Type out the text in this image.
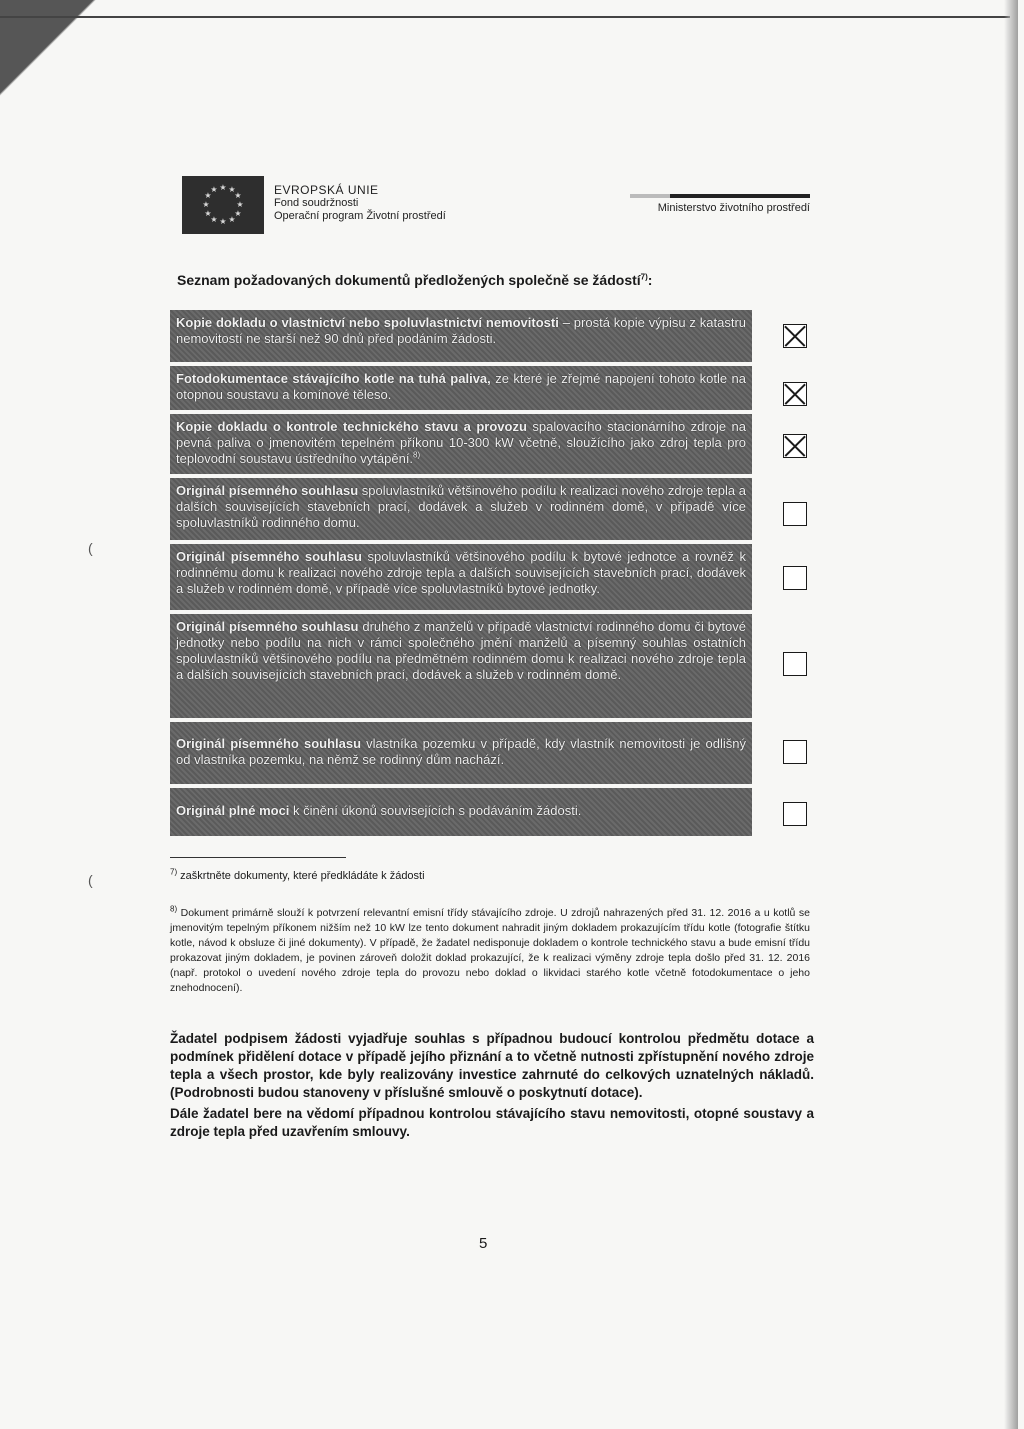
★ ★
★
★
★
★
★
★
★
★
★
★	EVROPSKÁ UNIE
Fond soudržnosti
Operační program Životní prostředí
Ministerstvo životního prostředí
Seznam požadovaných dokumentů předložených společně se žádostí$^{7)}$:
Kopie dokladu o vlastnictví nebo spoluvlastnictví nemovitosti – prostá kopie výpisu z katastru nemovitostí ne starší než 90 dnů před podáním žádosti.
Fotodokumentace stávajícího kotle na tuhá paliva, ze které je zřejmé napojení tohoto kotle na otopnou soustavu a komínové těleso.
Kopie dokladu o kontrole technického stavu a provozu spalovacího stacionárního zdroje na pevná paliva o jmenovitém tepelném příkonu 10-300 kW včetně, sloužícího jako zdroj tepla pro teplovodní soustavu ústředního vytápění.$^{8)}$
Originál písemného souhlasu spoluvlastníků většinového podílu k realizaci nového zdroje tepla a dalších souvisejících stavebních prací, dodávek a služeb v rodinném domě, v případě více spoluvlastníků rodinného domu.
Originál písemného souhlasu spoluvlastníků většinového podílu k bytové jednotce a rovněž k rodinnému domu k realizaci nového zdroje tepla a dalších souvisejících stavebních prací, dodávek a služeb v rodinném domě, v případě více spoluvlastníků bytové jednotky.
Originál písemného souhlasu druhého z manželů v případě vlastnictví rodinného domu či bytové jednotky nebo podílu na nich v rámci společného jmění manželů a písemný souhlas ostatních spoluvlastníků většinového podílu na předmětném rodinném domu k realizaci nového zdroje tepla a dalších souvisejících stavebních prací, dodávek a služeb v rodinném domě.
Originál písemného souhlasu vlastníka pozemku v případě, kdy vlastník nemovitosti je odlišný od vlastníka pozemku, na němž se rodinný dům nachází.
Originál plné moci k činění úkonů souvisejících s podáváním žádosti.
(
(
$^{7)}$ zaškrtněte dokumenty, které předkládáte k žádosti
$^{8)}$ Dokument primárně slouží k potvrzení relevantní emisní třídy stávajícího zdroje. U zdrojů nahrazených před 31. 12. 2016 a u kotlů se jmenovitým tepelným příkonem nižším než 10 kW lze tento dokument nahradit jiným dokladem prokazujícím třídu kotle (fotografie štítku kotle, návod k obsluze či jiné dokumenty). V případě, že žadatel nedisponuje dokladem o kontrole technického stavu a bude emisní třídu prokazovat jiným dokladem, je povinen zároveň doložit doklad prokazující, že k realizaci výměny zdroje tepla došlo před 31. 12. 2016 (např. protokol o uvedení nového zdroje tepla do provozu nebo doklad o likvidaci starého kotle včetně fotodokumentace o jeho znehodnocení).

Žadatel podpisem žádosti vyjadřuje souhlas s případnou budoucí kontrolou předmětu dotace a podmínek přidělení dotace v případě jejího přiznání a to včetně nutnosti zpřístupnění nového zdroje tepla a všech prostor, kde byly realizovány investice zahrnuté do celkových uznatelných nákladů. (Podrobnosti budou stanoveny v příslušné smlouvě o poskytnutí dotace).

Dále žadatel bere na vědomí případnou kontrolou stávajícího stavu nemovitosti, otopné soustavy a zdroje tepla před uzavřením smlouvy.

5
